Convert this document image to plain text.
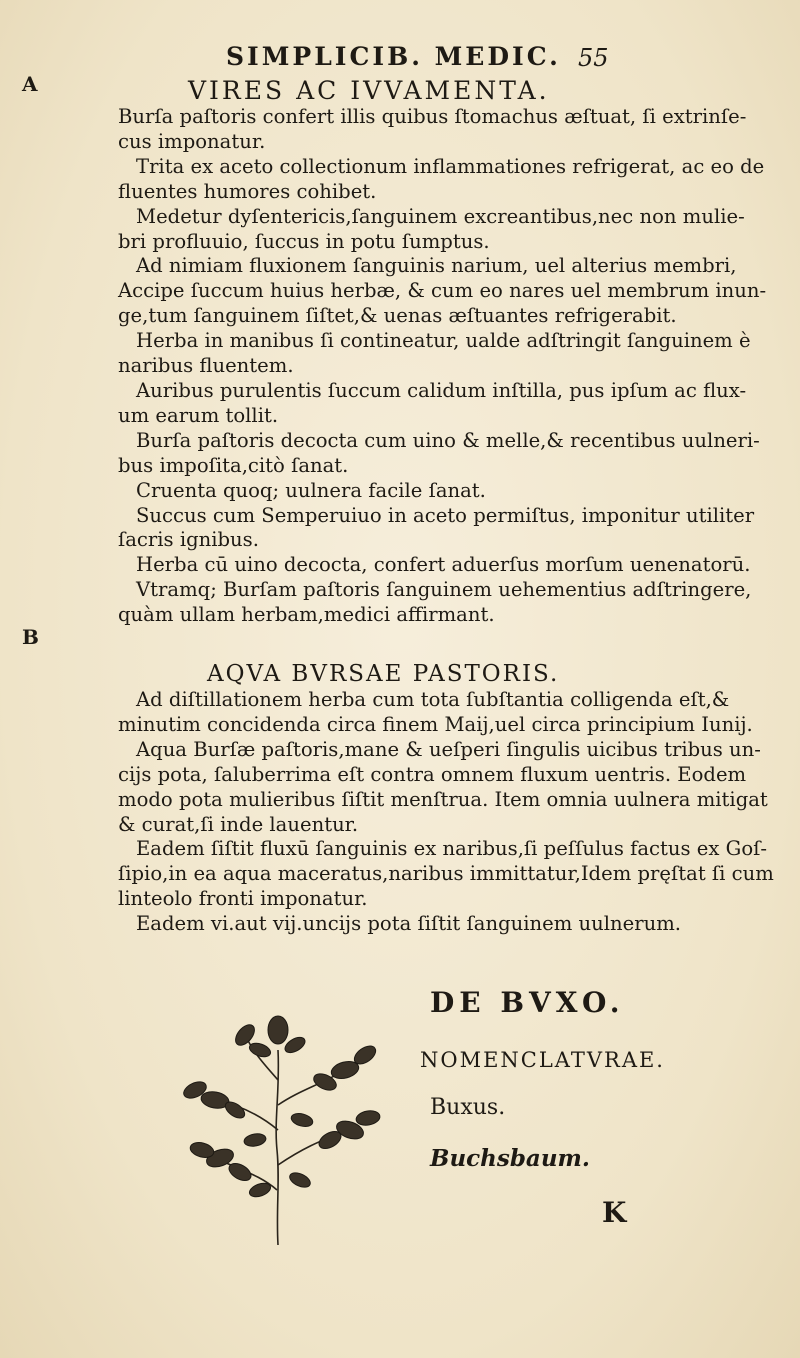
SIMPLICIB. MEDIC. 55
A
B
VIRES AC IVVAMENTA.
Burſa paſtoris confert illis quibus ſtomachus æſtuat, ſi extrinſe-
cus imponatur.
Trita ex aceto collectionum inflammationes refrigerat, ac eo de
fluentes humores cohibet.
Medetur dyſentericis,ſanguinem excreantibus,nec non mulie-
bri profluuio, ſuccus in potu ſumptus.
Ad nimiam fluxionem ſanguinis narium, uel alterius membri,
Accipe ſuccum huius herbæ, & cum eo nares uel membrum inun-
ge,tum ſanguinem ſiſtet,& uenas æſtuantes refrigerabit.
Herba in manibus ſi contineatur, ualde adſtringit ſanguinem è
naribus fluentem.
Auribus purulentis ſuccum calidum inſtilla, pus ipſum ac flux-
um earum tollit.
Burſa paſtoris decocta cum uino & melle,& recentibus uulneri-
bus impoſita,citò ſanat.
Cruenta quoq; uulnera facile ſanat.
Succus cum Semperuiuo in aceto permiſtus, imponitur utiliter
ſacris ignibus.
Herba cū uino decocta, confert aduerſus morſum uenenatorū.
Vtramq; Burſam paſtoris ſanguinem uehementius adſtringere,
quàm ullam herbam,medici affirmant.
AQVA BVRSAE PASTORIS.
Ad diſtillationem herba cum tota ſubſtantia colligenda eſt,&
minutim concidenda circa finem Maij,uel circa principium Iunij.
Aqua Burſæ paſtoris,mane & ueſperi ſingulis uicibus tribus un-
cijs pota, ſaluberrima eſt contra omnem fluxum uentris. Eodem
modo pota mulieribus ſiſtit menſtrua. Item omnia uulnera mitigat
& curat,ſi inde lauentur.
Eadem ſiſtit fluxū ſanguinis ex naribus,ſi peſſulus factus ex Goſ-
ſipio,in ea aqua maceratus,naribus immittatur,Idem pręſtat ſi cum
linteolo fronti imponatur.
Eadem vi.aut vij.uncijs pota ſiſtit ſanguinem uulnerum.
DE BVXO.
NOMENCLATVRAE.
Buxus.
Buchsbaum.
K
